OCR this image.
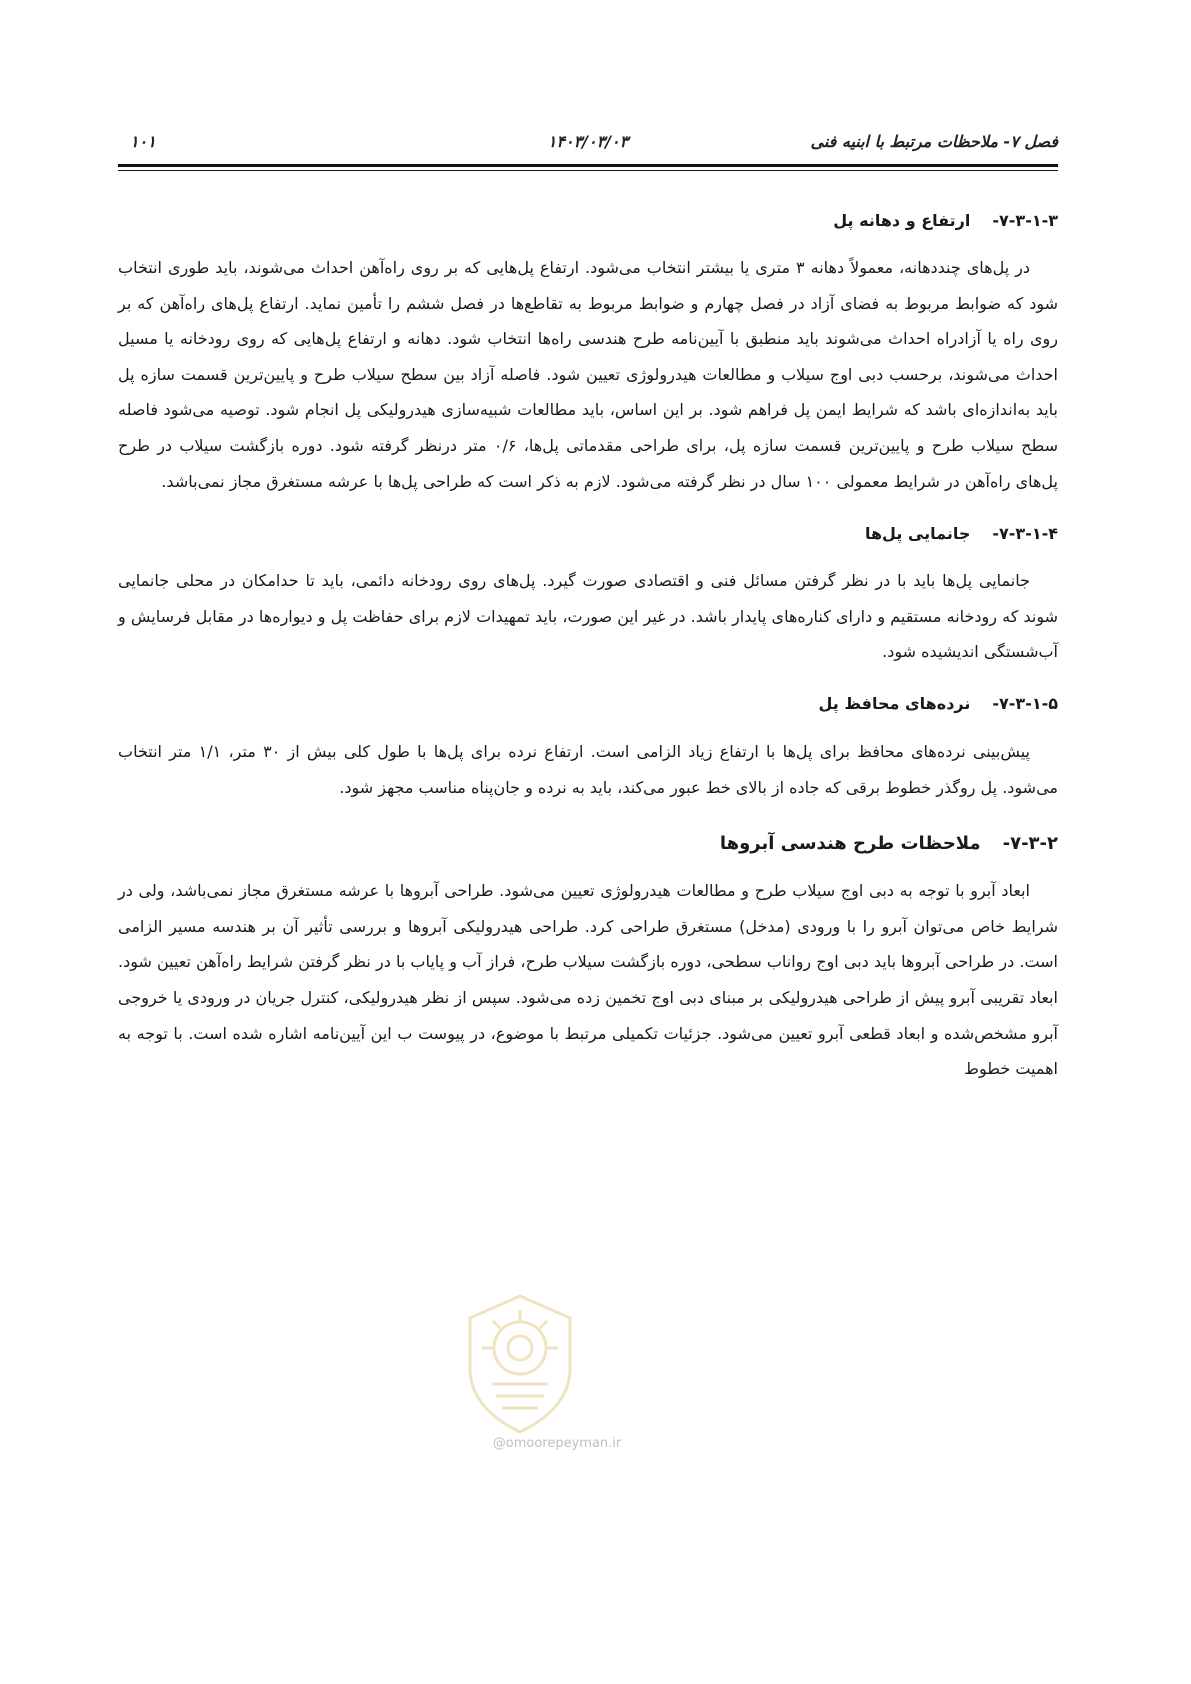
فصل ۷- ملاحظات مرتبط با ابنیه فنی
۱۴۰۳/۰۳/۰۳
۱۰۱
۷-۳-۱-۳-
ارتفاع و دهانه پل

در پل‌های چنددهانه، معمولاً دهانه ۳ متری یا بیشتر انتخاب می‌شود. ارتفاع پل‌هایی که بر روی راه‌آهن احداث می‌شوند، باید طوری انتخاب شود که ضوابط مربوط به فضای آزاد در فصل چهارم و ضوابط مربوط به تقاطع‌ها در فصل ششم را تأمین نماید. ارتفاع پل‌های راه‌آهن که بر روی راه یا آزادراه احداث می‌شوند باید منطبق با آیین‌نامه طرح هندسی راه‌ها انتخاب شود. دهانه و ارتفاع پل‌هایی که روی رودخانه یا مسیل احداث می‌شوند، برحسب دبی اوج سیلاب و مطالعات هیدرولوژی تعیین شود. فاصله آزاد بین سطح سیلاب طرح و پایین‌ترین قسمت سازه پل باید به‌اندازه‌ای باشد که شرایط ایمن پل فراهم شود. بر این اساس، باید مطالعات شبیه‌سازی هیدرولیکی پل انجام شود. توصیه می‌شود فاصله سطح سیلاب طرح و پایین‌ترین قسمت سازه پل، برای طراحی مقدماتی پل‌ها، ۰/۶ متر درنظر گرفته شود. دوره بازگشت سیلاب در طرح پل‌های راه‌آهن در شرایط معمولی ۱۰۰ سال در نظر گرفته می‌شود. لازم به ذکر است که طراحی پل‌ها با عرشه مستغرق مجاز نمی‌باشد.

۷-۳-۱-۴-
جانمایی پل‌ها

جانمایی پل‌ها باید با در نظر گرفتن مسائل فنی و اقتصادی صورت گیرد. پل‌های روی رودخانه دائمی، باید تا حدامکان در محلی جانمایی شوند که رودخانه مستقیم و دارای کناره‌های پایدار باشد. در غیر این صورت، باید تمهیدات لازم برای حفاظت پل و دیواره‌ها در مقابل فرسایش و آب‌شستگی اندیشیده شود.

۷-۳-۱-۵-
نرده‌های محافظ پل

پیش‌بینی نرده‌های محافظ برای پل‌ها با ارتفاع زیاد الزامی است. ارتفاع نرده برای پل‌ها با طول کلی بیش از ۳۰ متر، ۱/۱ متر انتخاب می‌شود. پل روگذر خطوط برقی که جاده از بالای خط عبور می‌کند، باید به نرده و جان‌پناه مناسب مجهز شود.

۷-۳-۲-
ملاحظات طرح هندسی آبروها

ابعاد آبرو با توجه به دبی اوج سیلاب طرح و مطالعات هیدرولوژی تعیین می‌شود. طراحی آبروها با عرشه مستغرق مجاز نمی‌باشد، ولی در شرایط خاص می‌توان آبرو را با ورودی (مدخل) مستغرق طراحی کرد. طراحی هیدرولیکی آبروها و بررسی تأثیر آن بر هندسه مسیر الزامی است. در طراحی آبروها باید دبی اوج رواناب سطحی، دوره بازگشت سیلاب طرح، فراز آب و پایاب با در نظر گرفتن شرایط راه‌آهن تعیین شود. ابعاد تقریبی آبرو پیش از طراحی هیدرولیکی بر مبنای دبی اوج تخمین زده می‌شود. سپس از نظر هیدرولیکی، کنترل جریان در ورودی یا خروجی آبرو مشخص‌شده و ابعاد قطعی آبرو تعیین می‌شود. جزئیات تکمیلی مرتبط با موضوع، در پیوست ب این آیین‌نامه اشاره شده است. با توجه به اهمیت خطوط

@omoorepeyman.ir
